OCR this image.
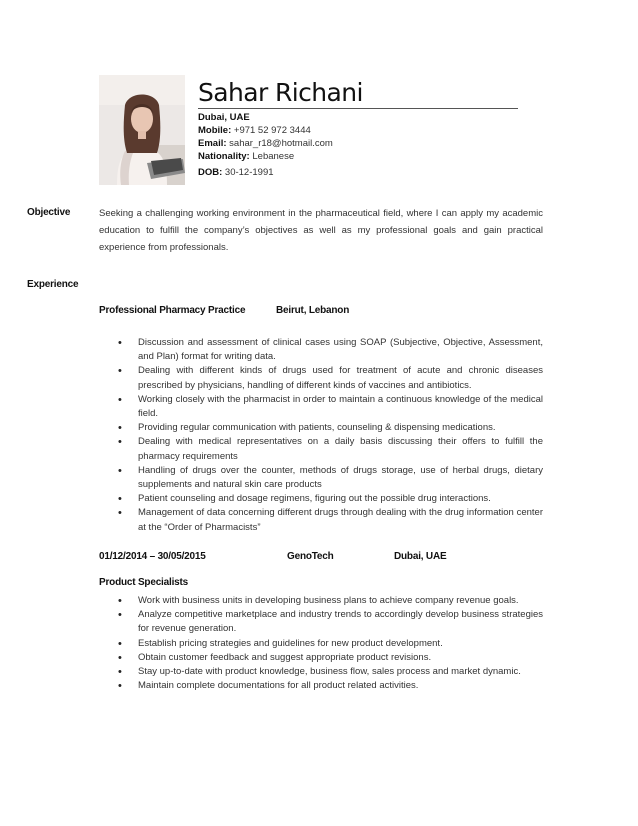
Sahar Richani
Dubai, UAE
Mobile: +971 52 972 3444
Email: sahar_r18@hotmail.com
Nationality: Lebanese
DOB: 30-12-1991
Objective	Seeking a challenging working environment in the pharmaceutical field, where I can apply my academic education to fulfill the company’s objectives as well as my professional goals and gain practical experience from professionals.

Experience
Professional Pharmacy Practice	Beirut, Lebanon
• Discussion and assessment of clinical cases using SOAP (Subjective, Objective, Assessment, and Plan) format for writing data.
• Dealing with different kinds of drugs used for treatment of acute and chronic diseases prescribed by physicians, handling of different kinds of vaccines and antibiotics.
• Working closely with the pharmacist in order to maintain a continuous knowledge of the medical field.
• Providing regular communication with patients, counseling & dispensing medications.
• Dealing with medical representatives on a daily basis discussing their offers to fulfill the pharmacy requirements
• Handling of drugs over the counter, methods of drugs storage, use of herbal drugs, dietary supplements and natural skin care products
• Patient counseling and dosage regimens, figuring out the possible drug interactions.
• Management of data concerning different drugs through dealing with the drug information center at the “Order of Pharmacists”
01/12/2014 – 30/05/2015	GenoTech	Dubai, UAE
Product Specialists
• Work with business units in developing business plans to achieve company revenue goals.
• Analyze competitive marketplace and industry trends to accordingly develop business strategies for revenue generation.
• Establish pricing strategies and guidelines for new product development.
• Obtain customer feedback and suggest appropriate product revisions.
• Stay up-to-date with product knowledge, business flow, sales process and market dynamic.
• Maintain complete documentations for all product related activities.
